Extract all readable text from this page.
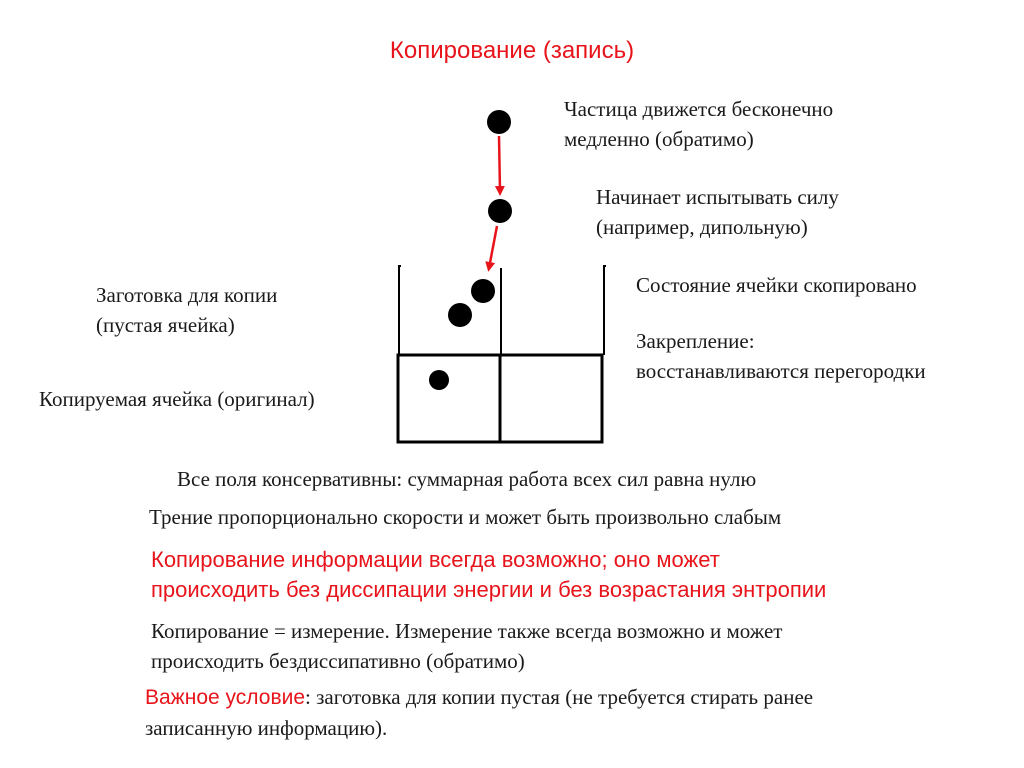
Копирование (запись)
Частица движется бесконечно
медленно (обратимо)
Начинает испытывать силу
(например, дипольную)
Состояние ячейки скопировано
Закрепление:
восстанавливаются перегородки
Заготовка для копии
(пустая ячейка)
Копируемая ячейка (оригинал)
Все поля консервативны: суммарная работа всех сил равна нулю
Трение пропорционально скорости и может быть произвольно слабым
Копирование информации всегда возможно; оно может
происходить без диссипации энергии и без возрастания энтропии
Копирование = измерение. Измерение также всегда возможно и может
происходить бездиссипативно (обратимо)
Важное условие: заготовка для копии пустая (не требуется стирать ранее
записанную информацию).
